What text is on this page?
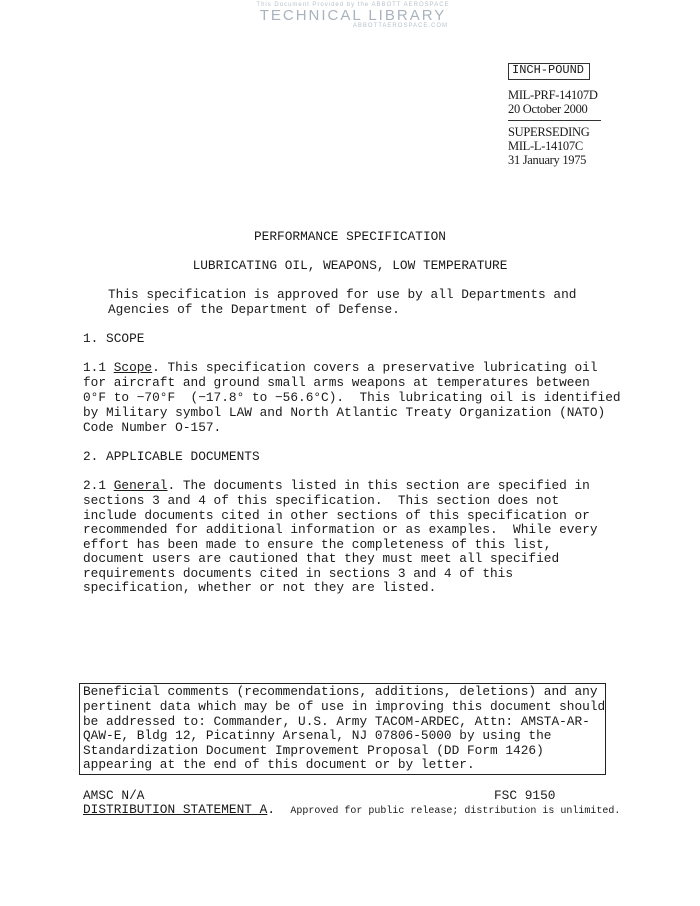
This Document Provided by the ABBOTT AEROSPACE
TECHNICAL LIBRARY
ABBOTTAEROSPACE.COM
INCH-POUND
MIL-PRF-14107D
20 October 2000
SUPERSEDING
MIL-L-14107C
31 January 1975
PERFORMANCE SPECIFICATION
LUBRICATING OIL, WEAPONS, LOW TEMPERATURE
This specification is approved for use by all Departments and
Agencies of the Department of Defense.
1. SCOPE
1.1 Scope. This specification covers a preservative lubricating oil
for aircraft and ground small arms weapons at temperatures between
0°F to −70°F  (−17.8° to −56.6°C).  This lubricating oil is identified
by Military symbol LAW and North Atlantic Treaty Organization (NATO)
Code Number O-157.
2. APPLICABLE DOCUMENTS
2.1 General. The documents listed in this section are specified in
sections 3 and 4 of this specification.  This section does not
include documents cited in other sections of this specification or
recommended for additional information or as examples.  While every
effort has been made to ensure the completeness of this list,
document users are cautioned that they must meet all specified
requirements documents cited in sections 3 and 4 of this
specification, whether or not they are listed.
Beneficial comments (recommendations, additions, deletions) and any
pertinent data which may be of use in improving this document should
be addressed to: Commander, U.S. Army TACOM-ARDEC, Attn: AMSTA-AR-
QAW-E, Bldg 12, Picatinny Arsenal, NJ 07806-5000 by using the
Standardization Document Improvement Proposal (DD Form 1426)
appearing at the end of this document or by letter.
AMSC N/A	FSC 9150
DISTRIBUTION STATEMENT A.  Approved for public release; distribution is unlimited.
